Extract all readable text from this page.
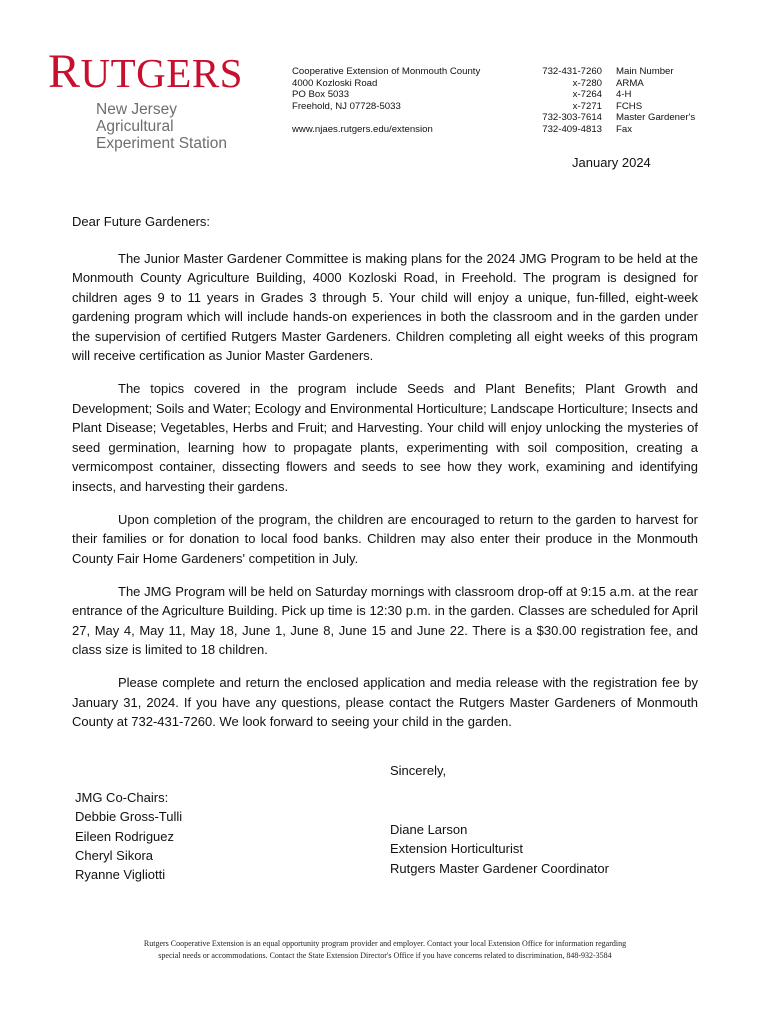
RUTGERS
New Jersey Agricultural
Experiment Station
Cooperative Extension of Monmouth County
4000 Kozloski Road
PO Box 5033
Freehold, NJ 07728-5033
www.njaes.rutgers.edu/extension
732-431-7260
x-7280
x-7264
x-7271
732-303-7614
732-409-4813
Main Number
ARMA
4-H
FCHS
Master Gardener's
Fax
January 2024

Dear Future Gardeners:

The Junior Master Gardener Committee is making plans for the 2024 JMG Program to be held at the Monmouth County Agriculture Building, 4000 Kozloski Road, in Freehold. The program is designed for children ages 9 to 11 years in Grades 3 through 5. Your child will enjoy a unique, fun-filled, eight-week gardening program which will include hands-on experiences in both the classroom and in the garden under the supervision of certified Rutgers Master Gardeners. Children completing all eight weeks of this program will receive certification as Junior Master Gardeners.

The topics covered in the program include Seeds and Plant Benefits; Plant Growth and Development; Soils and Water; Ecology and Environmental Horticulture; Landscape Horticulture; Insects and Plant Disease; Vegetables, Herbs and Fruit; and Harvesting. Your child will enjoy unlocking the mysteries of seed germination, learning how to propagate plants, experimenting with soil composition, creating a vermicompost container, dissecting flowers and seeds to see how they work, examining and identifying insects, and harvesting their gardens.

Upon completion of the program, the children are encouraged to return to the garden to harvest for their families or for donation to local food banks. Children may also enter their produce in the Monmouth County Fair Home Gardeners' competition in July.

The JMG Program will be held on Saturday mornings with classroom drop-off at 9:15 a.m. at the rear entrance of the Agriculture Building. Pick up time is 12:30 p.m. in the garden. Classes are scheduled for April 27, May 4, May 11, May 18, June 1, June 8, June 15 and June 22. There is a $30.00 registration fee, and class size is limited to 18 children.

Please complete and return the enclosed application and media release with the registration fee by January 31, 2024. If you have any questions, please contact the Rutgers Master Gardeners of Monmouth County at 732-431-7260. We look forward to seeing your child in the garden.

Sincerely,
JMG Co-Chairs:
Debbie Gross-Tulli
Eileen Rodriguez
Cheryl Sikora
Ryanne Vigliotti
Diane Larson
Extension Horticulturist
Rutgers Master Gardener Coordinator
Rutgers Cooperative Extension is an equal opportunity program provider and employer. Contact your local Extension Office for information regarding
special needs or accommodations. Contact the State Extension Director's Office if you have concerns related to discrimination, 848-932-3584
